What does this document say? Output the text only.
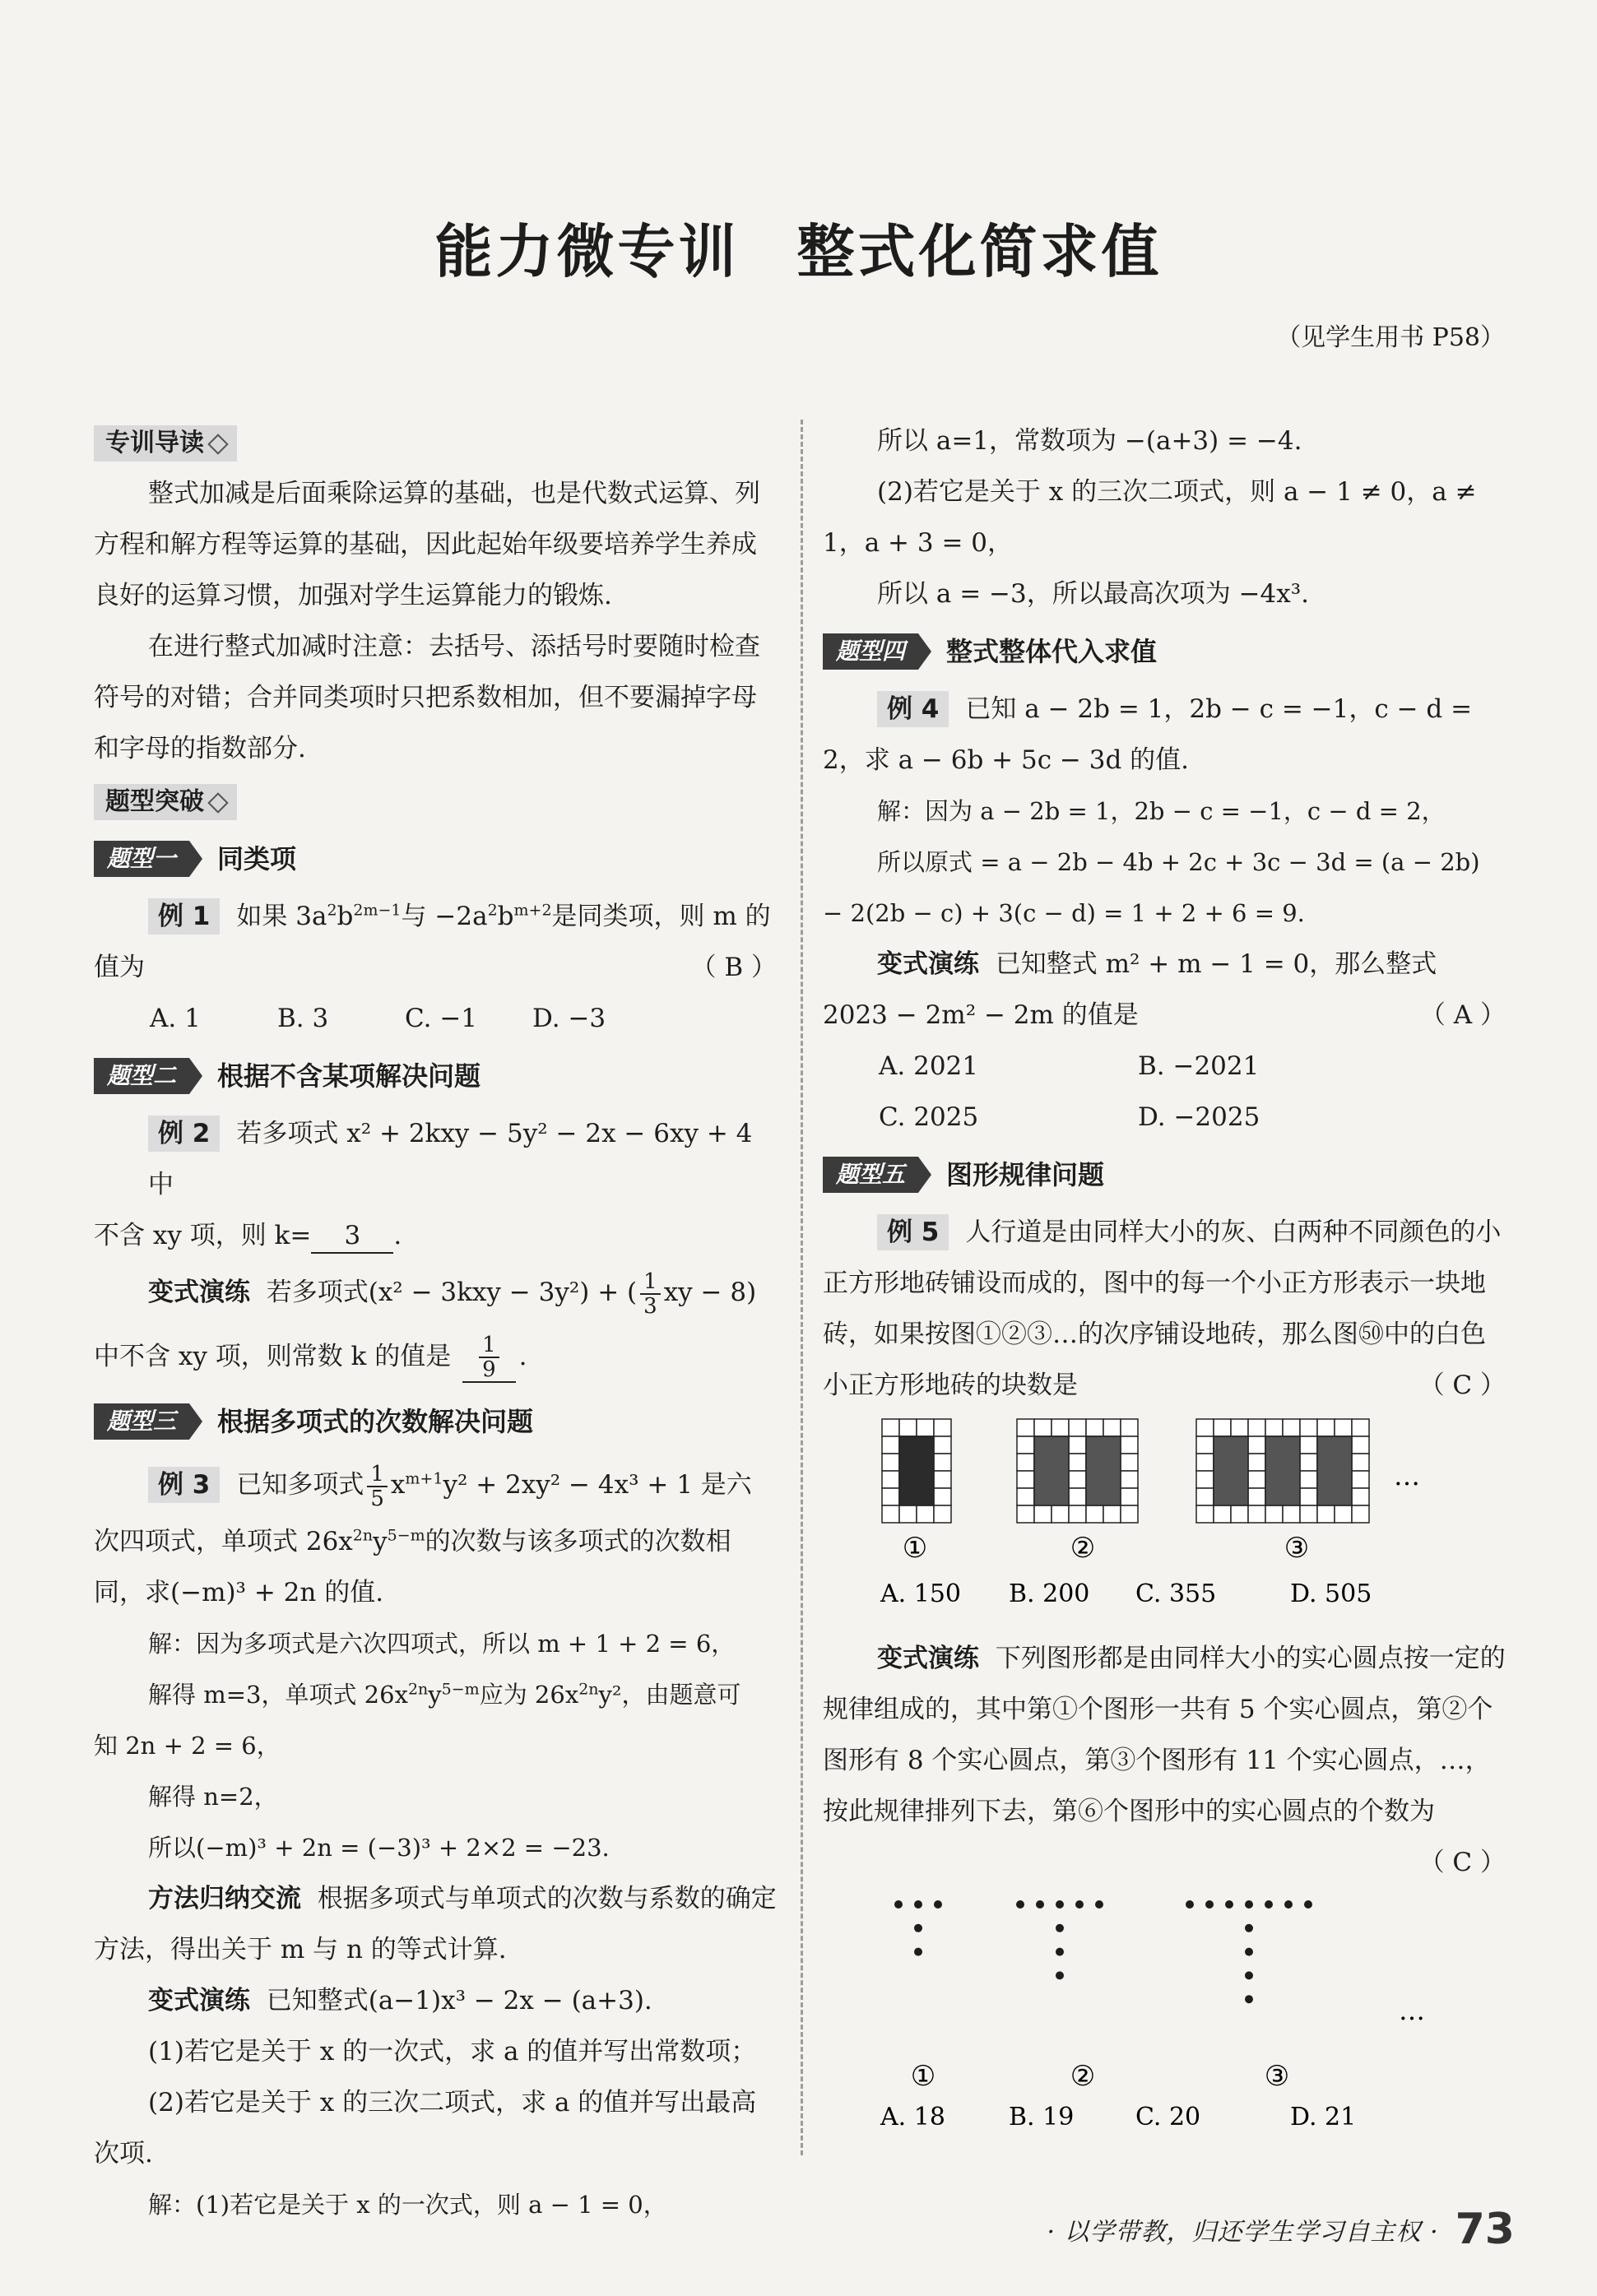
能力微专训 整式化简求值
（见学生用书 P58）
专训导读

整式加减是后面乘除运算的基础，也是代数式运算、列方程和解方程等运算的基础，因此起始年级要培养学生养成良好的运算习惯，加强对学生运算能力的锻炼.

在进行整式加减时注意：去括号、添括号时要随时检查符号的对错；合并同类项时只把系数相加，但不要漏掉字母和字母的指数部分.

题型突破
题型一	同类项

例 1 如果 $3a^2b^{2m-1}$与 $-2a^2b^{m+2}$是同类项，则 m 的

值为	（ B ）

A. 1	B. 3	C. −1	D. −3
题型二	根据不含某项解决问题

例 2 若多项式 x² + 2kxy − 5y² − 2x − 6xy + 4 中

不含 xy 项，则 k= 3 .

变式演练 若多项式(x² − 3kxy − 3y²) + ( $\frac{1}{3}$ xy − 8)

中不含 xy 项，则常数 k 的值是 $\frac{1}{9}$ .

题型三	根据多项式的次数解决问题

例 3 已知多项式 $\frac{1}{5} x^{m+1}y^2 + 2xy^2 - 4x^3 + 1$ 是六

次四项式，单项式 $26x^{2n}y^{5-m}$的次数与该多项式的次数相

同，求(−m)³ + 2n 的值.

解：因为多项式是六次四项式，所以 m + 1 + 2 = 6，

解得 m=3，单项式 $26x^{2n}y^{5-m}$应为 $26x^{2n}y^2$，由题意可

知 2n + 2 = 6，

解得 n=2，

所以(−m)³ + 2n = (−3)³ + 2×2 = −23.

方法归纳交流 根据多项式与单项式的次数与系数的确定方法，得出关于 m 与 n 的等式计算.

变式演练 已知整式(a−1)x³ − 2x − (a+3).

(1)若它是关于 x 的一次式，求 a 的值并写出常数项；

(2)若它是关于 x 的三次二项式，求 a 的值并写出最高次项.

解：(1)若它是关于 x 的一次式，则 a − 1 = 0，

所以 a=1，常数项为 −(a+3) = −4.

(2)若它是关于 x 的三次二项式，则 a − 1 ≠ 0，a ≠ 1，a + 3 = 0，

所以 a = −3，所以最高次项为 −4x³.

题型四	整式整体代入求值

例 4 已知 a − 2b = 1，2b − c = −1，c − d = 2，求 a − 6b + 5c − 3d 的值.

解：因为 a − 2b = 1，2b − c = −1，c − d = 2，

所以原式 = a − 2b − 4b + 2c + 3c − 3d = (a − 2b) − 2(2b − c) + 3(c − d) = 1 + 2 + 6 = 9.

变式演练 已知整式 m² + m − 1 = 0，那么整式 2023 − 2m² − 2m 的值是	（ A ）

A. 2021	B. −2021
C. 2025	D. −2025
题型五	图形规律问题

例 5 人行道是由同样大小的灰、白两种不同颜色的小正方形地砖铺设而成的，图中的每一个小正方形表示一块地砖，如果按图①②③…的次序铺设地砖，那么图㊿中的白色小正方形地砖的块数是	（ C ）

…
①	②	③
A. 150 B. 200 C. 355	D. 505

变式演练 下列图形都是由同样大小的实心圆点按一定的规律组成的，其中第①个图形一共有 5 个实心圆点，第②个图形有 8 个实心圆点，第③个图形有 11 个实心圆点，…，按此规律排列下去，第⑥个图形中的实心圆点的个数为
（ C ）

…
①	②	③
A. 18	B. 19 C. 20	D. 21
· 以学带教，归还学生学习自主权 · 73
